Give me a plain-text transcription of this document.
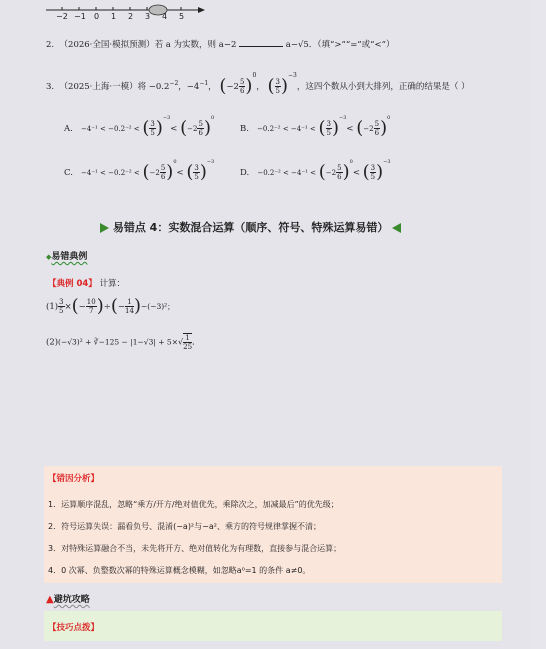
−2 −1 0 1 2 3 4 5
2. （2026·全国·模拟预测）若 a 为实数，则 a−2	a−√5．（填“>”“=”或“<”）
3. （2025·上海·一模）将 $-0.2^{-2}$，$-4^{-1}$， $(-2 \frac{5}{6} )^0$， ( $\frac{3}{5} )^{-3}$，这四个数从小到大排列，正确的结果是（ ）
A. −4⁻¹ < −0.2⁻² < ( $\frac{3}{5} )^{-3}< (-2 \frac{5}{6} )^0$
B. −0.2⁻² < −4⁻¹ < ( $\frac{3}{5} )^{-3}< (-2 \frac{5}{6} )^0$
C. $-4^{-1} < -0.2^{-2} < (-2 \frac{5}{6} )^0<$ ( $\frac{3}{5} )^{-3}$
D. $-0.2^{-2} < -4^{-1} < (-2 \frac{5}{6} )^0<$ ( $\frac{3}{5} )^{-3}$
易错点 4：实数混合运算（顺序、符号、特殊运算易错）
◆易错典例
【典例 04】 计算：
$(1) \frac{3}{5}$ ×(− $\frac{10}{7}$ )÷(− $\frac{1}{14} )-(-3)^2$；
(2)(−√3)² + ∛−125 − $|1-√3| + 5\times√ \frac{1}{25}$ ．
【错因分析】
1．运算顺序混乱，忽略“乘方/开方/绝对值优先，乘除次之，加减最后”的优先级；
2．符号运算失误：漏看负号、混淆(−a)²与−a²、乘方的符号规律掌握不清；
3．对特殊运算融合不当，未先将开方、绝对值转化为有理数，直接参与混合运算；
4．0 次幂、负整数次幂的特殊运算概念模糊，如忽略a⁰=1 的条件 a≠0。
▲避坑攻略
【技巧点拨】
